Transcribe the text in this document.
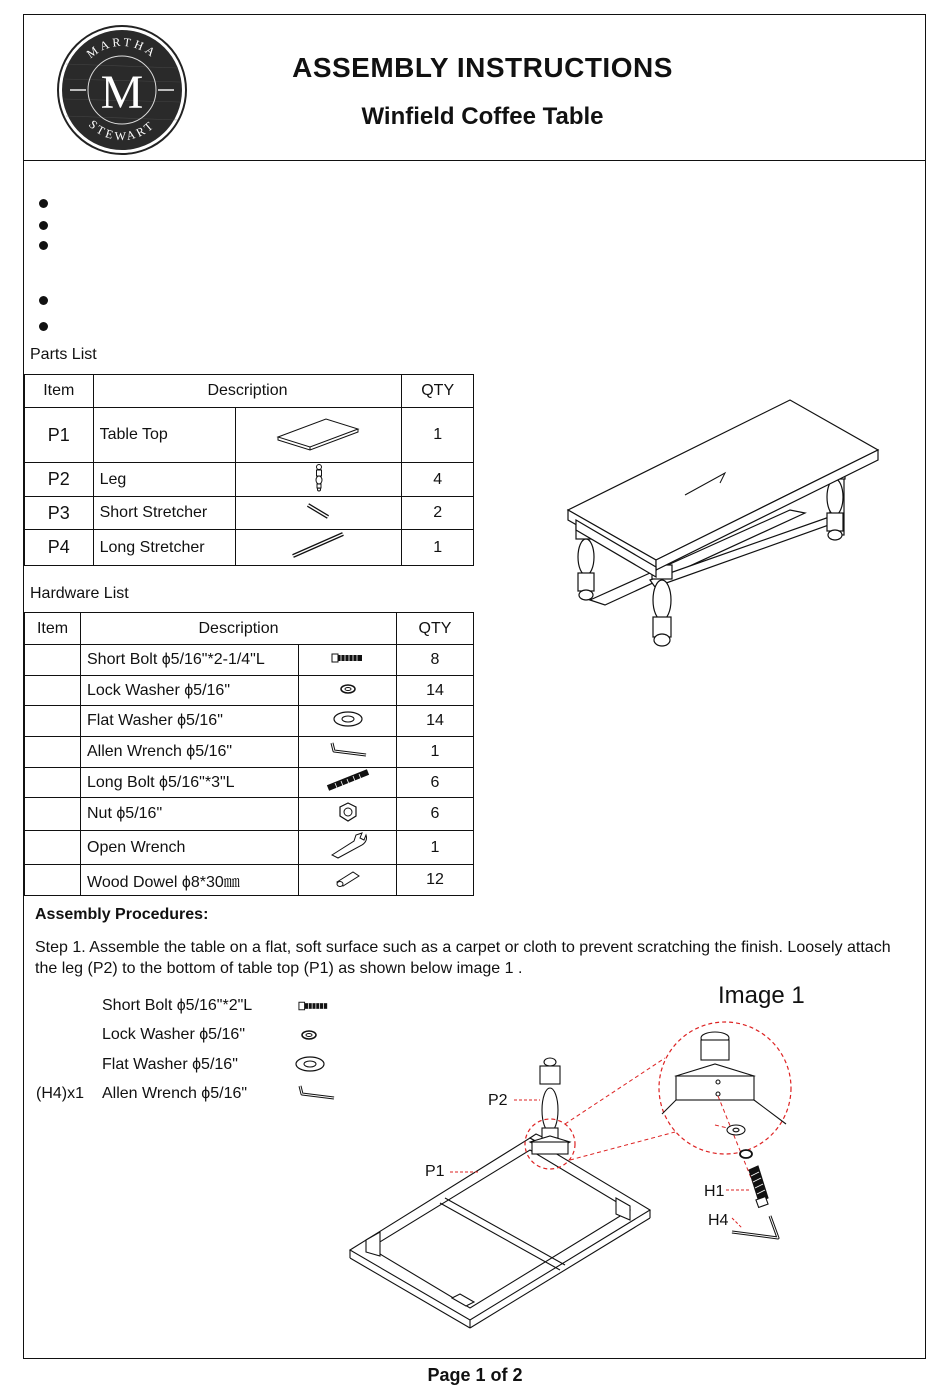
MARTHA
STEWART
M	ASSEMBLY INSTRUCTIONS
Winfield Coffee Table
Parts List
Item	Description		QTY
P1	Table Top		1
P2	Leg		4
P3	Short Stretcher		2
P4	Long Stretcher		1
Hardware List
Item	Description		QTY
	Short Bolt ϕ5/16"*2-1/4"L		8
	Lock Washer ϕ5/16"		14
	Flat Washer ϕ5/16"		14
	Allen Wrench ϕ5/16"		1
	Long Bolt ϕ5/16"*3"L		6
	Nut ϕ5/16"		6
	Open Wrench		1
	Wood Dowel ϕ8*30㎜		12
Assembly Procedures:
Step 1. Assemble the table on a flat, soft surface such as a carpet or cloth to prevent scratching the finish. Loosely attach the leg (P2) to the bottom of table top (P1) as shown below image 1 .
Short Bolt ϕ5/16"*2"L
Lock Washer ϕ5/16"
Flat Washer ϕ5/16"
(H4)x1 Allen Wrench ϕ5/16"
Image 1
P2
P1
H1
H4
Page 1 of 2
